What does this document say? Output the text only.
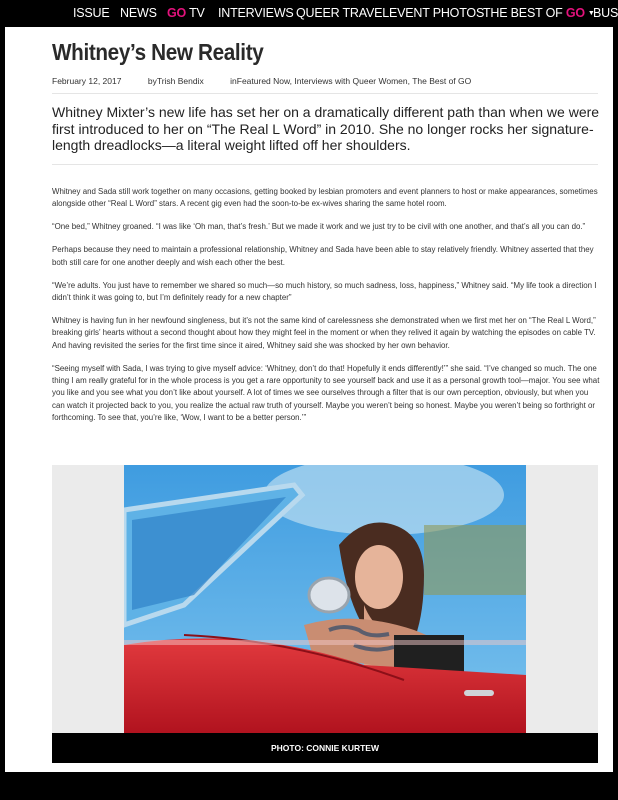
ISSUE NEWS GO TV INTERVIEWS QUEER TRAVEL EVENT PHOTOS
THE BEST OF GO ▼
BUS
Whitney’s New Reality
February 12, 2017	byTrish Bendix	inFeatured Now, Interviews with Queer Women, The Best of GO

Whitney Mixter’s new life has set her on a dramatically different path than when we were first introduced to her on “The Real L Word” in 2010. She no longer rocks her signature-length dreadlocks—a literal weight lifted off her shoulders.

Whitney and Sada still work together on many occasions, getting booked by lesbian promoters and event planners to host or make appearances, sometimes alongside other “Real L Word” stars. A recent gig even had the soon-to-be ex-wives sharing the same hotel room.

“One bed,” Whitney groaned. “I was like ‘Oh man, that’s fresh.’ But we made it work and we just try to be civil with one another, and that’s all you can do.”

Perhaps because they need to maintain a professional relationship, Whitney and Sada have been able to stay relatively friendly. Whitney asserted that they both still care for one another deeply and wish each other the best.

“We’re adults. You just have to remember we shared so much—so much history, so much sadness, loss, happiness,” Whitney said. “My life took a direction I didn’t think it was going to, but I’m definitely ready for a new chapter”

Whitney is having fun in her newfound singleness, but it’s not the same kind of carelessness she demonstrated when we first met her on “The Real L Word,” breaking girls’ hearts without a second thought about how they might feel in the moment or when they relived it again by watching the episodes on cable TV. And having revisited the series for the first time since it aired, Whitney said she was shocked by her own behavior.

“Seeing myself with Sada, I was trying to give myself advice: ‘Whitney, don’t do that! Hopefully it ends differently!’” she said. “I’ve changed so much. The one thing I am really grateful for in the whole process is you get a rare opportunity to see yourself back and use it as a personal growth tool—major. You see what you like and you see what you don’t like about yourself. A lot of times we see ourselves through a filter that is our own perception, obviously, but when you can watch it projected back to you, you realize the actual raw truth of yourself. Maybe you weren’t being so honest. Maybe you weren’t being so forthright or forthcoming. To see that, you’re like, ‘Wow, I want to be a better person.’”

PHOTO: CONNIE KURTEW
